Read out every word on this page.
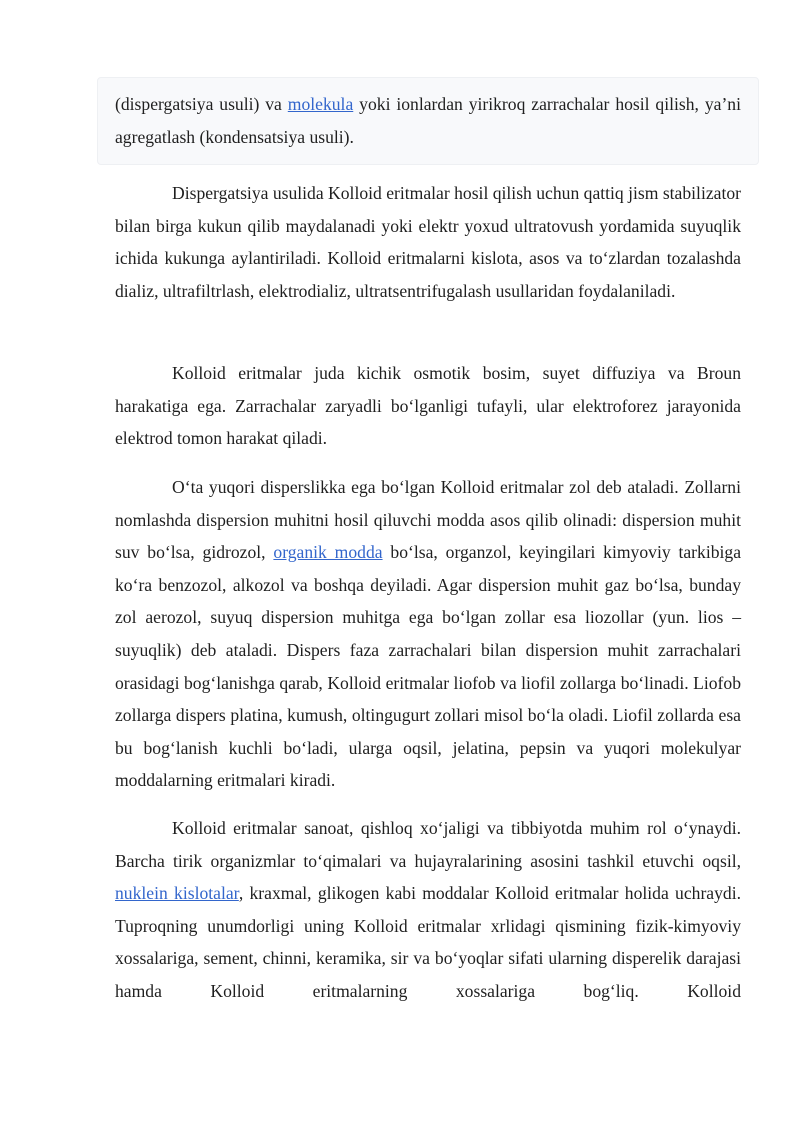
(dispergatsiya usuli) va molekula yoki ionlardan yirikroq zarrachalar hosil qilish, ya’ni agregatlash (kondensatsiya usuli).

Dispergatsiya usulida Kolloid eritmalar hosil qilish uchun qattiq jism stabilizator bilan birga kukun qilib maydalanadi yoki elektr yoxud ultratovush yordamida suyuqlik ichida kukunga aylantiriladi. Kolloid eritmalarni kislota, asos va to‘zlardan tozalashda dializ, ultrafiltrlash, elektrodializ, ultratsentrifugalash usullaridan foydalaniladi.

Kolloid eritmalar juda kichik osmotik bosim, suyet diffuziya va Broun harakatiga ega. Zarrachalar zaryadli bo‘lganligi tufayli, ular elektroforez jarayonida elektrod tomon harakat qiladi.

O‘ta yuqori disperslikka ega bo‘lgan Kolloid eritmalar zol deb ataladi. Zollarni nomlashda dispersion muhitni hosil qiluvchi modda asos qilib olinadi: dispersion muhit suv bo‘lsa, gidrozol, organik modda bo‘lsa, organzol, keyingilari kimyoviy tarkibiga ko‘ra benzozol, alkozol va boshqa deyiladi. Agar dispersion muhit gaz bo‘lsa, bunday zol aerozol, suyuq dispersion muhitga ega bo‘lgan zollar esa liozollar (yun. lios – suyuqlik) deb ataladi. Dispers faza zarrachalari bilan dispersion muhit zarrachalari orasidagi bog‘lanishga qarab, Kolloid eritmalar liofob va liofil zollarga bo‘linadi. Liofob zollarga dispers platina, kumush, oltingugurt zollari misol bo‘la oladi. Liofil zollarda esa bu bog‘lanish kuchli bo‘ladi, ularga oqsil, jelatina, pepsin va yuqori molekulyar moddalarning eritmalari kiradi.

Kolloid eritmalar sanoat, qishloq xo‘jaligi va tibbiyotda muhim rol o‘ynaydi. Barcha tirik organizmlar to‘qimalari va hujayralarining asosini tashkil etuvchi oqsil, nuklein kislotalar, kraxmal, glikogen kabi moddalar Kolloid eritmalar holida uchraydi. Tuproqning unumdorligi uning Kolloid eritmalar xrlidagi qismining fizik-kimyoviy xossalariga, sement, chinni, keramika, sir va bo‘yoqlar sifati ularning disperelik darajasi hamda Kolloid eritmalarning xossalariga bog‘liq. Kolloid
